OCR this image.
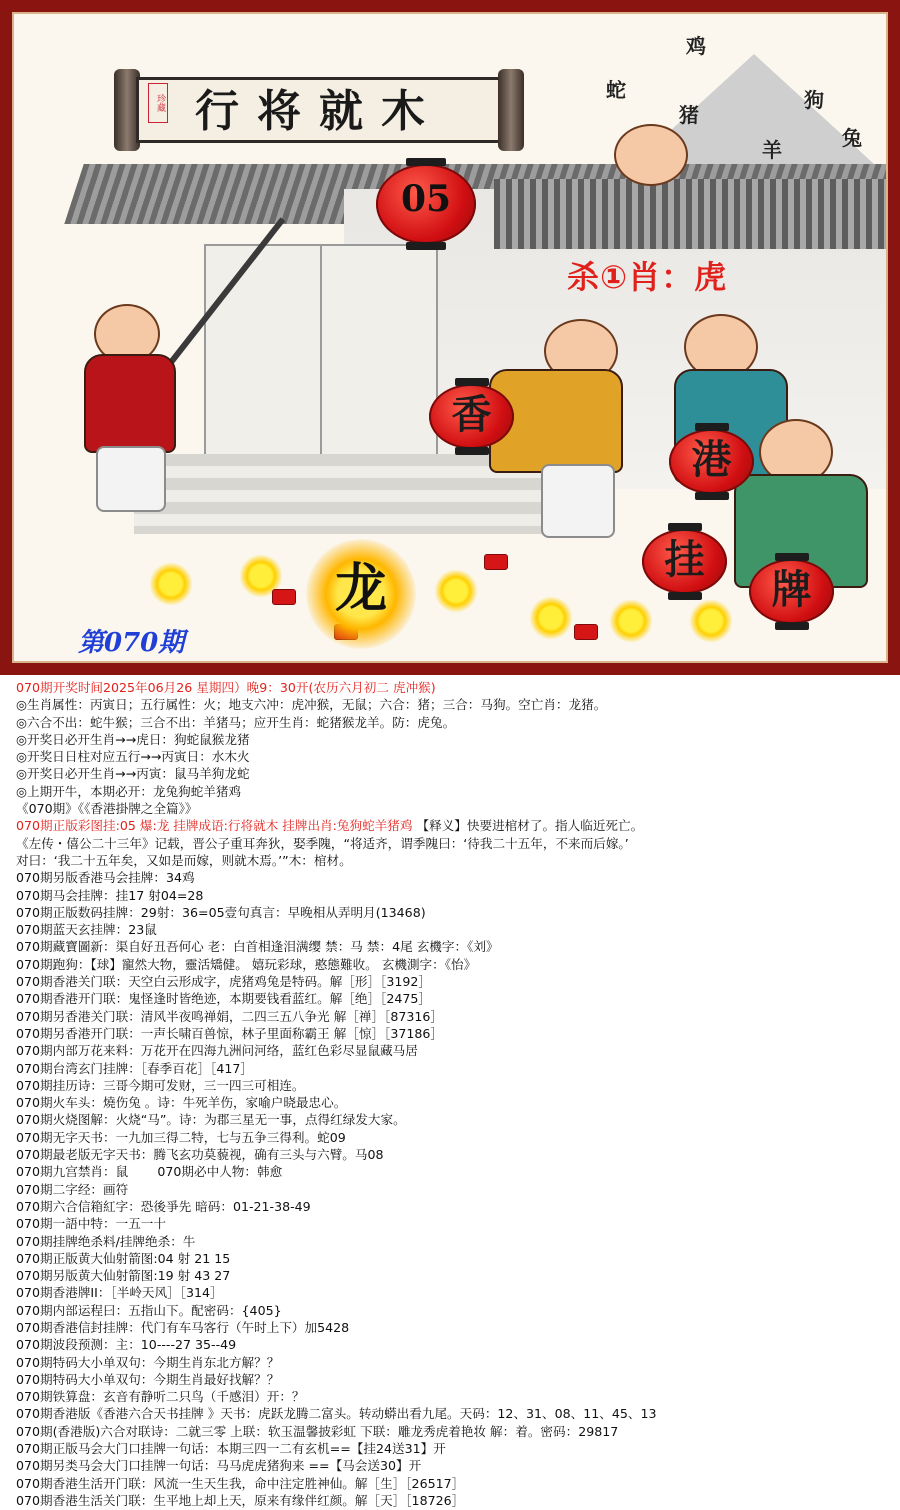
珍藏 行将就木
鸡
蛇
猪
狗
羊	兔
05
杀①肖：虎
香
港
挂
牌
龙
第070期
070期开奖时间2025年06月26 星期四）晚9：30开(农历六月初二 虎冲猴)
◎生肖属性：丙寅日；五行属性：火；地支六冲：虎冲猴，无鼠；六合：猪；三合：马狗。空亡肖：龙猪。
◎六合不出：蛇牛猴；三合不出：羊猪马；应开生肖：蛇猪猴龙羊。防：虎兔。
◎开奖日必开生肖→→虎日：狗蛇鼠猴龙猪
◎开奖日日柱对应五行→→丙寅日：水木火
◎开奖日必开生肖→→丙寅：鼠马羊狗龙蛇
◎上期开牛，本期必开：龙兔狗蛇羊猪鸡
《070期》《《香港掛牌之全篇》》
070期正版彩图挂:05 爆:龙 挂牌成语:行将就木 挂牌出肖:兔狗蛇羊猪鸡 【释义】快要进棺材了。指人临近死亡。
《左传・僖公二十三年》记载，晋公子重耳奔狄，娶季隗，“将适齐，谓季隗曰：‘待我二十五年，不来而后嫁。’
对曰：‘我二十五年矣，又如是而嫁，则就木焉。’”木：棺材。
070期另版香港马会挂牌：34鸡
070期马会挂牌：挂17 射04=28
070期正版数码挂牌：29射：36=05壹句真言：早晚相从弄明月(13468)
070期蓝天玄挂牌：23鼠
070期藏寶圖新：渠自好丑吾何心 老：白首相逢泪满缨 禁：马 禁：4尾 玄機字：《刘》
070期跑狗：【球】寵然大物，靈活矯健。 嬉玩彩球，憨態難收。 玄機測字：《怡》
070期香港关门联：天空白云形成字，虎猪鸡兔是特码。解［形］［3192］
070期香港开门联：鬼怪逢时皆绝迹，本期要钱看蓝红。解［绝］［2475］
070期另香港关门联：清风半夜鸣禅娟，二四三五八争光 解［禅］［87316］
070期另香港开门联：一声长啸百兽惊，林子里面称霸王 解［惊］［37186］
070期内部万花来料：万花开在四海九洲问河络，蓝红色彩尽显鼠藏马居
070期台湾玄门挂牌：［春季百花］［417］
070期挂历诗：三哥今期可发财，三一四三可相连。
070期火车头：燒伤兔 。诗：牛死羊伤，家喻户晓最忠心。
070期火烧图解：火烧“马”。诗：为郡三星无一事，点得红绿发大家。
070期无字天书：一九加三得二特，七与五争三得利。蛇09
070期最老版无字天书：腾飞玄功莫藐视，确有三头与六臂。马08
070期九宫禁肖：鼠 　　070期必中人物：韩愈
070期二字经：画符
070期六合信箱紅字：恐後爭先 暗码：01-21-38-49
070期一語中特：一五一十
070期挂牌绝杀料/挂牌绝杀：牛
070期正版黄大仙射箭图:04 射 21 15
070期另版黄大仙射箭图:19 射 43 27
070期香港牌II：［半岭天风］［314］
070期内部运程曰：五指山下。配密码：{405}
070期香港信封挂牌：代门有车马客行（午时上下）加5428
070期波段预测：主：10----27 35--49
070期特码大小单双句：今期生肖东北方解？？
070期特码大小单双句：今期生肖最好找解？？
070期铁算盘：玄音有静听二只鸟（千感泪）开：？
070期香港版《香港六合天书挂牌 》天书：虎跃龙腾二富头。转动蟒出看九尾。天码：12、31、08、11、45、13
070期(香港版)六合对联诗：二就三零 上联：软玉温馨披彩虹 下联：雕龙秀虎着艳妆 解：着。密码：29817
070期正版马会大门口挂牌一句话：本期三四一二有玄机==【挂24送31】开
070期另类马会大门口挂牌一句话：马马虎虎猪狗来 ==【马会送30】开
070期香港生活开门联：风流一生天生我，命中注定胜神仙。解［生］［26517］
070期香港生活关门联：生平地上却上天，原来有缘伴红颜。解［天］［18726］
